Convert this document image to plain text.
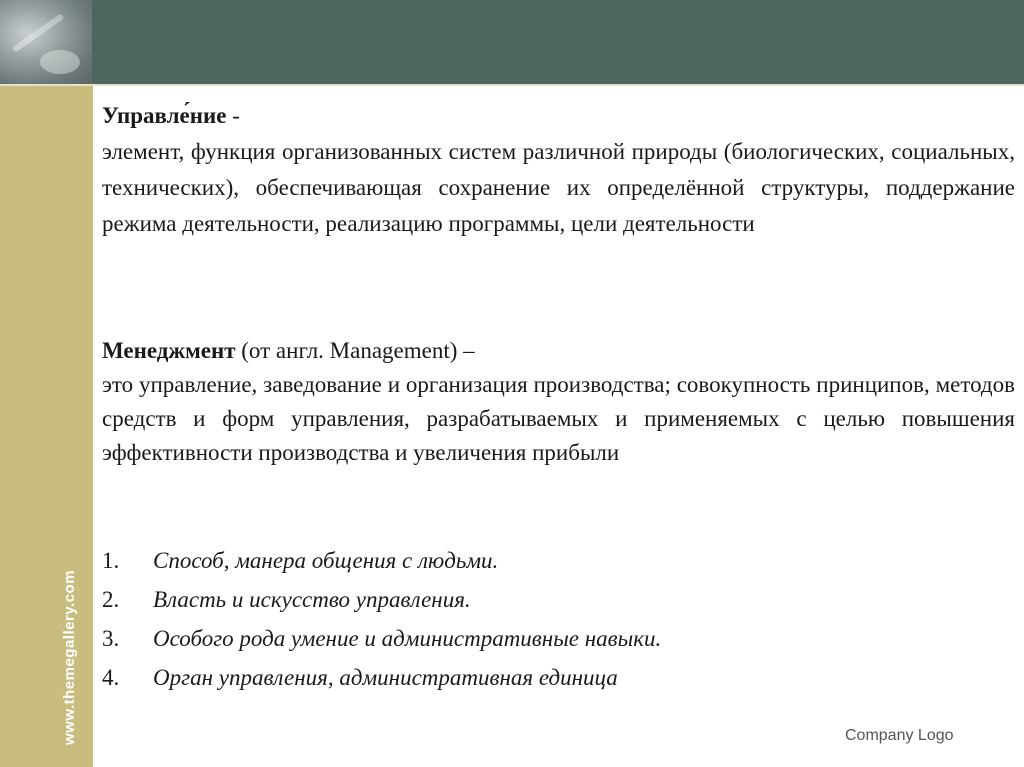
www.themegallery.com

Управле́ние -

элемент, функция организованных систем различной природы (биологических, социальных, технических), обеспечивающая сохранение их определённой структуры, поддержание режима деятельности, реализацию программы, цели деятельности

Менеджмент (от англ. Management) –

это управление, заведование и организация производства; совокупность принципов, методов средств и форм управления, разрабатываемых и применяемых с целью повышения эффективности производства и увеличения прибыли

1.	Способ, манера общения с людьми.
2.	Власть и искусство управления.
3.	Особого рода умение и административные навыки.
4.	Орган управления, административная единица
Company Logo
